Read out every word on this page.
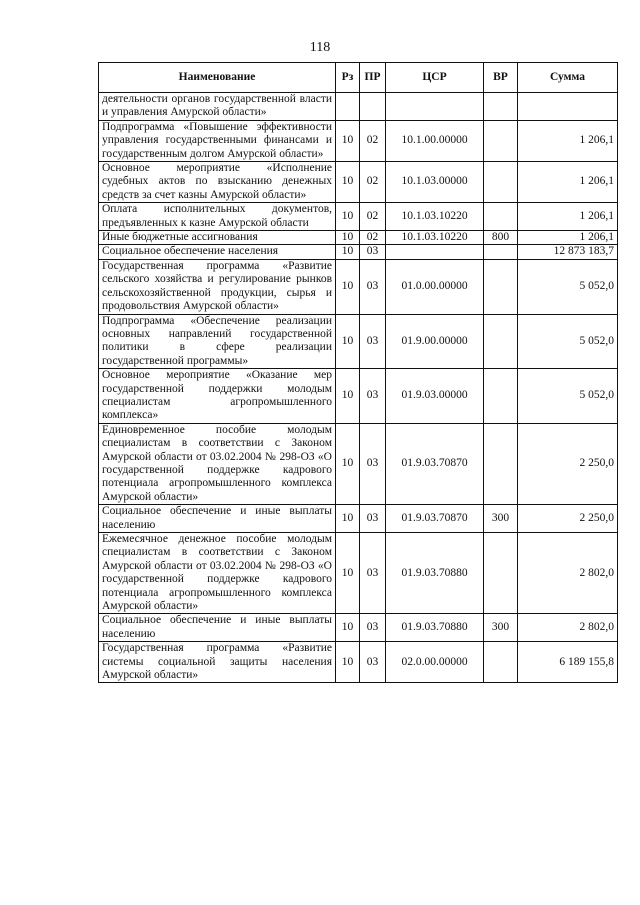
118
Наименование	Рз	ПР	ЦСР	ВР	Сумма
деятельности органов государственной власти и управления Амурской области»					
Подпрограмма «Повышение эффективности управления государственными финансами и государственным долгом Амурской области»	10	02	10.1.00.00000		1 206,1
Основное мероприятие «Исполнение судебных актов по взысканию денежных средств за счет казны Амурской области»	10	02	10.1.03.00000		1 206,1
Оплата исполнительных документов, предъявленных к казне Амурской области	10	02	10.1.03.10220		1 206,1
Иные бюджетные ассигнования	10	02	10.1.03.10220	800	1 206,1
Социальное обеспечение населения	10	03			12 873 183,7
Государственная программа «Развитие сельского хозяйства и регулирование рынков сельскохозяйственной продукции, сырья и продовольствия Амурской области»	10	03	01.0.00.00000		5 052,0
Подпрограмма «Обеспечение реализации основных направлений государственной политики в сфере реализации государственной программы»	10	03	01.9.00.00000		5 052,0
Основное мероприятие «Оказание мер государственной поддержки молодым специалистам агропромышленного комплекса»	10	03	01.9.03.00000		5 052,0
Единовременное пособие молодым специалистам в соответствии с Законом Амурской области от 03.02.2004 № 298-ОЗ «О государственной поддержке кадрового потенциала агропромышленного комплекса Амурской области»	10	03	01.9.03.70870		2 250,0
Социальное обеспечение и иные выплаты населению	10	03	01.9.03.70870	300	2 250,0
Ежемесячное денежное пособие молодым специалистам в соответствии с Законом Амурской области от 03.02.2004 № 298-ОЗ «О государственной поддержке кадрового потенциала агропромышленного комплекса Амурской области»	10	03	01.9.03.70880		2 802,0
Социальное обеспечение и иные выплаты населению	10	03	01.9.03.70880	300	2 802,0
Государственная программа «Развитие системы социальной защиты населения Амурской области»	10	03	02.0.00.00000		6 189 155,8
